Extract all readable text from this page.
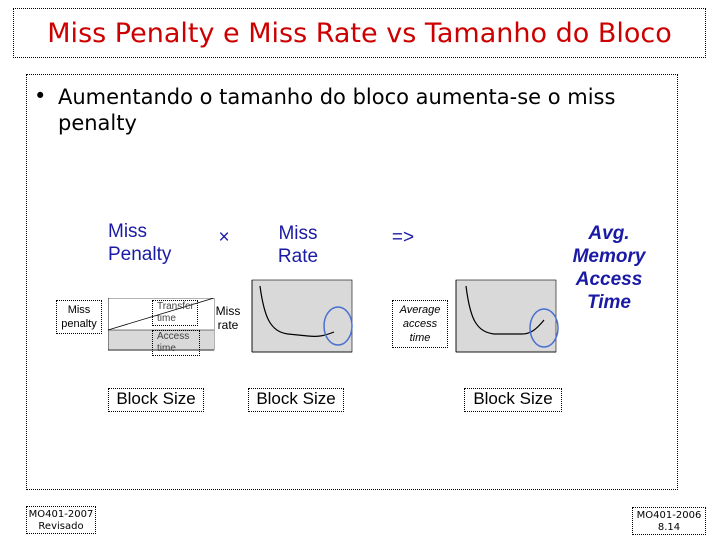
Miss Penalty e Miss Rate vs Tamanho do Bloco
• Aumentando o tamanho do bloco aumenta-se o miss penalty
Miss Penalty
×	Miss Rate
=>	Avg. Memory Access Time
Miss penalty
Transfer time
Access time
Block Size
Miss rate
Block Size
Average access time
Block Size
MO401-2007
Revisado
MO401-2006
8.14
